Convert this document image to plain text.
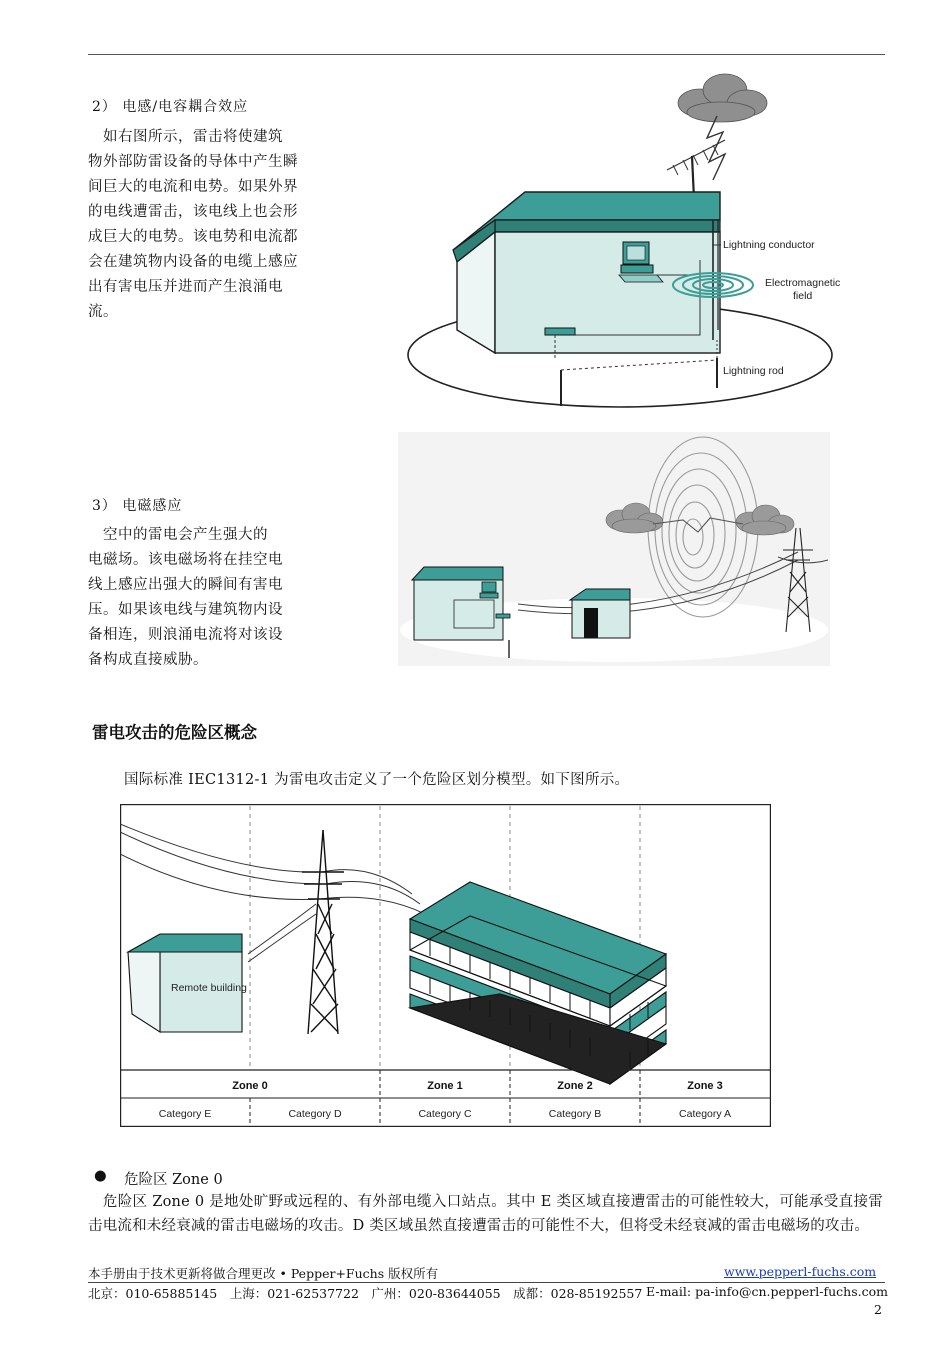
2） 电感/电容耦合效应
　如右图所示，雷击将使建筑
物外部防雷设备的导体中产生瞬
间巨大的电流和电势。如果外界
的电线遭雷击，该电线上也会形
成巨大的电势。该电势和电流都
会在建筑物内设备的电缆上感应
出有害电压并进而产生浪涌电
流。
Lightning conductor
Electromagnetic
field
Lightning rod
3） 电磁感应
　空中的雷电会产生强大的
电磁场。该电磁场将在挂空电
线上感应出强大的瞬间有害电
压。如果该电线与建筑物内设
备相连，则浪涌电流将对该设
备构成直接威胁。
雷电攻击的危险区概念
国际标准 IEC1312-1 为雷电攻击定义了一个危险区划分模型。如下图所示。
Remote building
Zone 0	Zone 1	Zone 2	Zone 3
Category E	Category D	Category C	Category B	Category A
● 危险区 Zone 0
　危险区 Zone 0 是地处旷野或远程的、有外部电缆入口站点。其中 E 类区域直接遭雷击的可能性较大，可能承受直接雷击电流和未经衰减的雷击电磁场的攻击。D 类区域虽然直接遭雷击的可能性不大，但将受未经衰减的雷击电磁场的攻击。
本手册由于技术更新将做合理更改 • Pepper+Fuchs 版权所有	www.pepperl-fuchs.com
北京：010-65885145　上海：021-62537722　广州：020-83644055　成都：028-85192557 E-mail: pa-info@cn.pepperl-fuchs.com
2
